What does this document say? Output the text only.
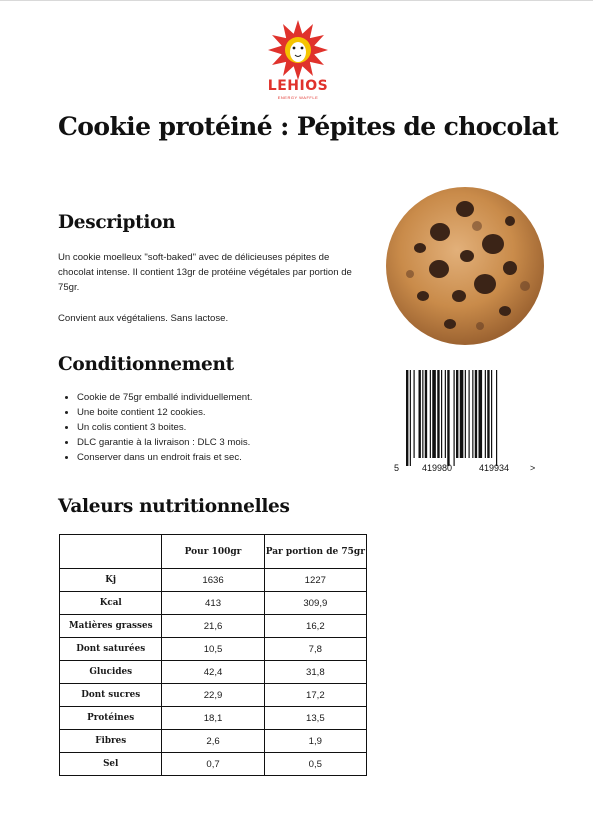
LEHIOS
ENERGY WAFFLE
Cookie protéiné : Pépites de chocolat
Description

Un cookie moelleux "soft-baked" avec de délicieuses pépites de chocolat intense. Il contient 13gr de protéine végétales par portion de 75gr.

Convient aux végétaliens. Sans lactose.

Conditionnement
• Cookie de 75gr emballé individuellement.
• Une boite contient 12 cookies.
• Un colis contient 3 boites.
• DLC garantie à la livraison : DLC 3 mois.
• Conserver dans un endroit frais et sec.
5	419980	419934 >
Valeurs nutritionnelles
	Pour 100gr	Par portion de 75gr
Kj	1636	1227
Kcal	413	309,9
Matières grasses	21,6	16,2
Dont saturées	10,5	7,8
Glucides	42,4	31,8
Dont sucres	22,9	17,2
Protéines	18,1	13,5
Fibres	2,6	1,9
Sel	0,7	0,5
